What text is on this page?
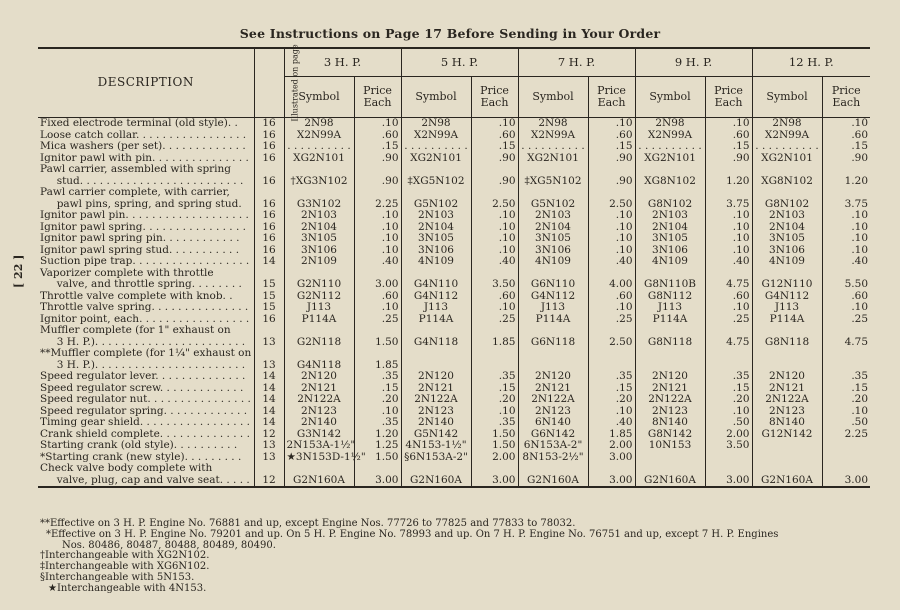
See Instructions on Page 17 Before Sending in Your Order
[ 22 ]
DESCRIPTION	Illustrated on page	3 H. P.		5 H. P.		7 H. P.		9 H. P.		12 H. P.	
		Symbol	Price Each	Symbol	Price Each	Symbol	Price Each	Symbol	Price Each	Symbol	Price Each

Fixed electrode terminal (old style). .	16	2N98	.10	2N98	.10	2N98	.10	2N98	.10	2N98	.10

Loose catch collar. . . . . . . . . . . . . . . . .	16	X2N99A	.60	X2N99A	.60	X2N99A	.60	X2N99A	.60	X2N99A	.60

Mica washers (per set). . . . . . . . . . . . .	16	. . . . . . . . . .	.15	. . . . . . . . . .	.15	. . . . . . . . . .	.15	. . . . . . . . . .	.15	. . . . . . . . . .	.15

Ignitor pawl with pin. . . . . . . . . . . . . . .	16	XG2N101	.90	XG2N101	.90	XG2N101	.90	XG2N101	.90	XG2N101	.90

Pawl carrier, assembled with spring
stud. . . . . . . . . . . . . . . . . . . . . . . . .	16	†XG3N102	.90	‡XG5N102	.90	‡XG5N102	.90	XG8N102	1.20	XG8N102	1.20

Pawl carrier complete, with carrier,
pawl pins, spring, and spring stud.	16	G3N102	2.25	G5N102	2.50	G5N102	2.50	G8N102	3.75	G8N102	3.75

Ignitor pawl pin. . . . . . . . . . . . . . . . . . .	16	2N103	.10	2N103	.10	2N103	.10	2N103	.10	2N103	.10

Ignitor pawl spring. . . . . . . . . . . . . . . .	16	2N104	.10	2N104	.10	2N104	.10	2N104	.10	2N104	.10

Ignitor pawl spring pin. . . . . . . . . . . .	16	3N105	.10	3N105	.10	3N105	.10	3N105	.10	3N105	.10

Ignitor pawl spring stud. . . . . . . . . . .	16	3N106	.10	3N106	.10	3N106	.10	3N106	.10	3N106	.10

Suction pipe trap. . . . . . . . . . . . . . . . . .	14	2N109	.40	4N109	.40	4N109	.40	4N109	.40	4N109	.40

Vaporizer complete with throttle
valve, and throttle spring. . . . . . . .	15	G2N110	3.00	G4N110	3.50	G6N110	4.00	G8N110B	4.75	G12N110	5.50

Throttle valve complete with knob. .	15	G2N112	.60	G4N112	.60	G4N112	.60	G8N112	.60	G4N112	.60

Throttle valve spring. . . . . . . . . . . . . . .	15	J113	.10	J113	.10	J113	.10	J113	.10	J113	.10

Ignitor point, each. . . . . . . . . . . . . . . . .	16	P114A	.25	P114A	.25	P114A	.25	P114A	.25	P114A	.25

Muffler complete (for 1" exhaust on
3 H. P.). . . . . . . . . . . . . . . . . . . . . . .	13	G2N118	1.50	G4N118	1.85	G6N118	2.50	G8N118	4.75	G8N118	4.75

**Muffler complete (for 1¼" exhaust on
3 H. P.). . . . . . . . . . . . . . . . . . . . . . .	13	G4N118	1.85								

Speed regulator lever. . . . . . . . . . . . . .	14	2N120	.35	2N120	.35	2N120	.35	2N120	.35	2N120	.35

Speed regulator screw. . . . . . . . . . . . .	14	2N121	.15	2N121	.15	2N121	.15	2N121	.15	2N121	.15

Speed regulator nut. . . . . . . . . . . . . . . .	14	2N122A	.20	2N122A	.20	2N122A	.20	2N122A	.20	2N122A	.20

Speed regulator spring. . . . . . . . . . . . .	14	2N123	.10	2N123	.10	2N123	.10	2N123	.10	2N123	.10

Timing gear shield. . . . . . . . . . . . . . . . .	14	2N140	.35	2N140	.35	6N140	.40	8N140	.50	8N140	.50

Crank shield complete. . . . . . . . . . . . . .	12	G3N142	1.20	G5N142	1.50	G6N142	1.85	G8N142	2.00	G12N142	2.25

Starting crank (old style). . . . . . . . . .	13	2N153A-1½"	1.25	4N153-1½"	1.50	6N153A-2"	2.00	10N153	3.50		

*Starting crank (new style). . . . . . . . .	13	★3N153D-1½"	1.50	§6N153A-2"	2.00	8N153-2½"	3.00				

Check valve body complete with
valve, plug, cap and valve seat. . . . .	12	G2N160A	3.00	G2N160A	3.00	G2N160A	3.00	G2N160A	3.00	G2N160A	3.00
**Effective on 3 H. P. Engine No. 76881 and up, except Engine Nos. 77726 to 77825 and 77833 to 78032.
*Effective on 3 H. P. Engine No. 79201 and up. On 5 H. P. Engine No. 78993 and up. On 7 H. P. Engine No. 76751 and up, except 7 H. P. Engines
Nos. 80486, 80487, 80488, 80489, 80490.
†Interchangeable with XG2N102.
‡Interchangeable with XG6N102.
§Interchangeable with 5N153.
★Interchangeable with 4N153.
